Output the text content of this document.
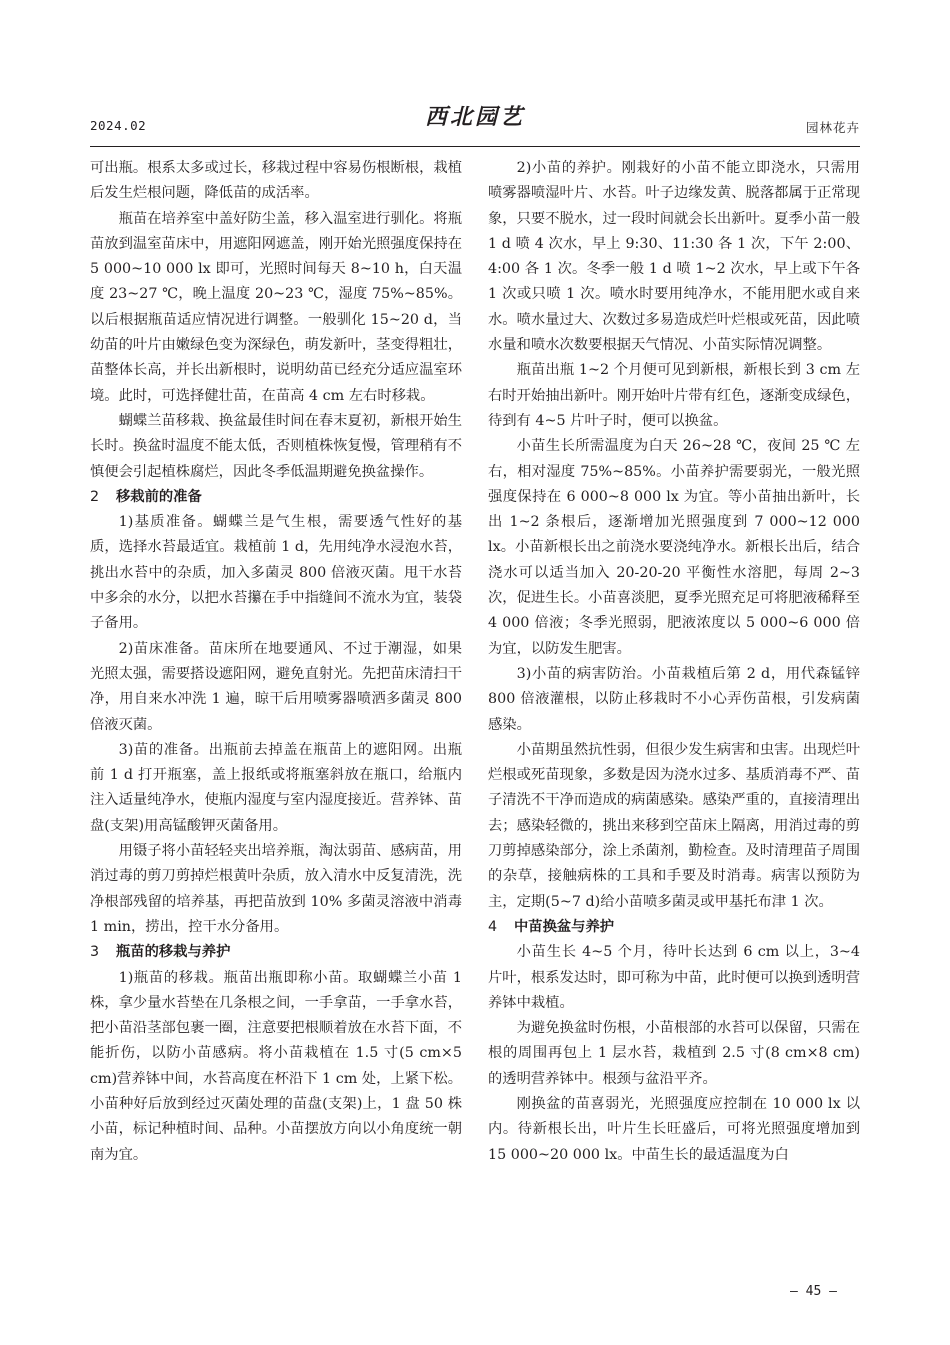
2024.02	西北园艺	园林花卉

可出瓶。根系太多或过长，移栽过程中容易伤根断根，栽植后发生烂根问题，降低苗的成活率。

瓶苗在培养室中盖好防尘盖，移入温室进行驯化。将瓶苗放到温室苗床中，用遮阳网遮盖，刚开始光照强度保持在 5 000~10 000 lx 即可，光照时间每天 8~10 h，白天温度 23~27 ℃，晚上温度 20~23 ℃，湿度 75%~85%。以后根据瓶苗适应情况进行调整。一般驯化 15~20 d，当幼苗的叶片由嫩绿色变为深绿色，萌发新叶，茎变得粗壮，苗整体长高，并长出新根时，说明幼苗已经充分适应温室环境。此时，可选择健壮苗，在苗高 4 cm 左右时移栽。

蝴蝶兰苗移栽、换盆最佳时间在春末夏初，新根开始生长时。换盆时温度不能太低，否则植株恢复慢，管理稍有不慎便会引起植株腐烂，因此冬季低温期避免换盆操作。

2 移栽前的准备

1)基质准备。蝴蝶兰是气生根，需要透气性好的基质，选择水苔最适宜。栽植前 1 d，先用纯净水浸泡水苔，挑出水苔中的杂质，加入多菌灵 800 倍液灭菌。甩干水苔中多余的水分，以把水苔攥在手中指缝间不流水为宜，装袋子备用。

2)苗床准备。苗床所在地要通风、不过于潮湿，如果光照太强，需要搭设遮阳网，避免直射光。先把苗床清扫干净，用自来水冲洗 1 遍，晾干后用喷雾器喷洒多菌灵 800 倍液灭菌。

3)苗的准备。出瓶前去掉盖在瓶苗上的遮阳网。出瓶前 1 d 打开瓶塞，盖上报纸或将瓶塞斜放在瓶口，给瓶内注入适量纯净水，使瓶内湿度与室内湿度接近。营养钵、苗盘(支架)用高锰酸钾灭菌备用。

用镊子将小苗轻轻夹出培养瓶，淘汰弱苗、感病苗，用消过毒的剪刀剪掉烂根黄叶杂质，放入清水中反复清洗，洗净根部残留的培养基，再把苗放到 10% 多菌灵溶液中消毒 1 min，捞出，控干水分备用。

3 瓶苗的移栽与养护

1)瓶苗的移栽。瓶苗出瓶即称小苗。取蝴蝶兰小苗 1 株，拿少量水苔垫在几条根之间，一手拿苗，一手拿水苔，把小苗沿茎部包裹一圈，注意要把根顺着放在水苔下面，不能折伤，以防小苗感病。将小苗栽植在 1.5 寸(5 cm×5 cm)营养钵中间，水苔高度在杯沿下 1 cm 处，上紧下松。小苗种好后放到经过灭菌处理的苗盘(支架)上，1 盘 50 株小苗，标记种植时间、品种。小苗摆放方向以小角度统一朝南为宜。

2)小苗的养护。刚栽好的小苗不能立即浇水，只需用喷雾器喷湿叶片、水苔。叶子边缘发黄、脱落都属于正常现象，只要不脱水，过一段时间就会长出新叶。夏季小苗一般 1 d 喷 4 次水，早上 9:30、11:30 各 1 次，下午 2:00、4:00 各 1 次。冬季一般 1 d 喷 1~2 次水，早上或下午各 1 次或只喷 1 次。喷水时要用纯净水，不能用肥水或自来水。喷水量过大、次数过多易造成烂叶烂根或死苗，因此喷水量和喷水次数要根据天气情况、小苗实际情况调整。

瓶苗出瓶 1~2 个月便可见到新根，新根长到 3 cm 左右时开始抽出新叶。刚开始叶片带有红色，逐渐变成绿色，待到有 4~5 片叶子时，便可以换盆。

小苗生长所需温度为白天 26~28 ℃，夜间 25 ℃ 左右，相对湿度 75%~85%。小苗养护需要弱光，一般光照强度保持在 6 000~8 000 lx 为宜。等小苗抽出新叶，长出 1~2 条根后，逐渐增加光照强度到 7 000~12 000 lx。小苗新根长出之前浇水要浇纯净水。新根长出后，结合浇水可以适当加入 20-20-20 平衡性水溶肥，每周 2~3 次，促进生长。小苗喜淡肥，夏季光照充足可将肥液稀释至 4 000 倍液；冬季光照弱，肥液浓度以 5 000~6 000 倍为宜，以防发生肥害。

3)小苗的病害防治。小苗栽植后第 2 d，用代森锰锌 800 倍液灌根，以防止移栽时不小心弄伤苗根，引发病菌感染。

小苗期虽然抗性弱，但很少发生病害和虫害。出现烂叶烂根或死苗现象，多数是因为浇水过多、基质消毒不严、苗子清洗不干净而造成的病菌感染。感染严重的，直接清理出去；感染轻微的，挑出来移到空苗床上隔离，用消过毒的剪刀剪掉感染部分，涂上杀菌剂，勤检查。及时清理苗子周围的杂草，接触病株的工具和手要及时消毒。病害以预防为主，定期(5~7 d)给小苗喷多菌灵或甲基托布津 1 次。

4 中苗换盆与养护

小苗生长 4~5 个月，待叶长达到 6 cm 以上，3~4 片叶，根系发达时，即可称为中苗，此时便可以换到透明营养钵中栽植。

为避免换盆时伤根，小苗根部的水苔可以保留，只需在根的周围再包上 1 层水苔，栽植到 2.5 寸(8 cm×8 cm)的透明营养钵中。根颈与盆沿平齐。

刚换盆的苗喜弱光，光照强度应控制在 10 000 lx 以内。待新根长出，叶片生长旺盛后，可将光照强度增加到 15 000~20 000 lx。中苗生长的最适温度为白

— 45 —
